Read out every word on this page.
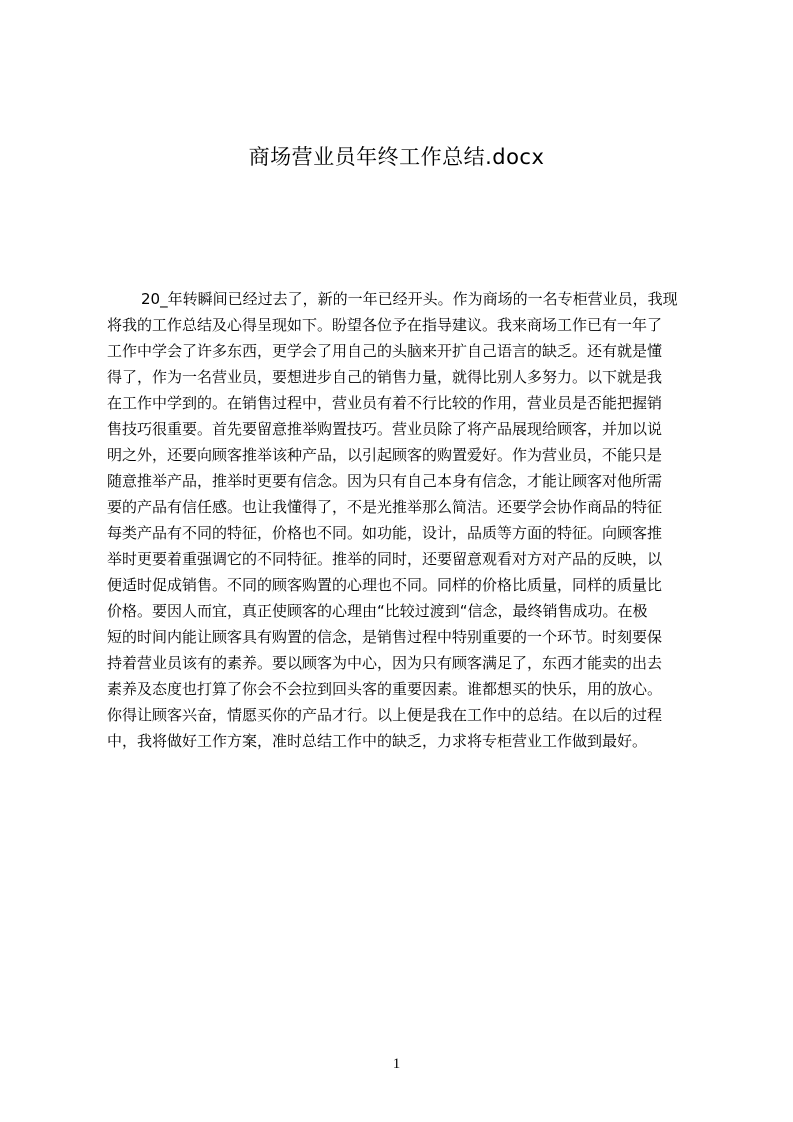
商场营业员年终工作总结.docx
20_年转瞬间已经过去了，新的一年已经开头。作为商场的一名专柜营业员，我现
将我的工作总结及心得呈现如下。盼望各位予在指导建议。我来商场工作已有一年了
工作中学会了许多东西，更学会了用自己的头脑来开扩自己语言的缺乏。还有就是懂
得了，作为一名营业员，要想进步自己的销售力量，就得比别人多努力。以下就是我
在工作中学到的。在销售过程中，营业员有着不行比较的作用，营业员是否能把握销
售技巧很重要。首先要留意推举购置技巧。营业员除了将产品展现给顾客，并加以说
明之外，还要向顾客推举该种产品，以引起顾客的购置爱好。作为营业员，不能只是
随意推举产品，推举时更要有信念。因为只有自己本身有信念，才能让顾客对他所需
要的产品有信任感。也让我懂得了，不是光推举那么简洁。还要学会协作商品的特征
每类产品有不同的特征，价格也不同。如功能，设计，品质等方面的特征。向顾客推
举时更要着重强调它的不同特征。推举的同时，还要留意观看对方对产品的反映，以
便适时促成销售。不同的顾客购置的心理也不同。同样的价格比质量，同样的质量比
价格。要因人而宜，真正使顾客的心理由“比较过渡到“信念，最终销售成功。在极
短的时间内能让顾客具有购置的信念，是销售过程中特别重要的一个环节。时刻要保
持着营业员该有的素养。要以顾客为中心，因为只有顾客满足了，东西才能卖的出去
素养及态度也打算了你会不会拉到回头客的重要因素。谁都想买的快乐，用的放心。
你得让顾客兴奋，情愿买你的产品才行。以上便是我在工作中的总结。在以后的过程
中，我将做好工作方案，准时总结工作中的缺乏，力求将专柜营业工作做到最好。
1
